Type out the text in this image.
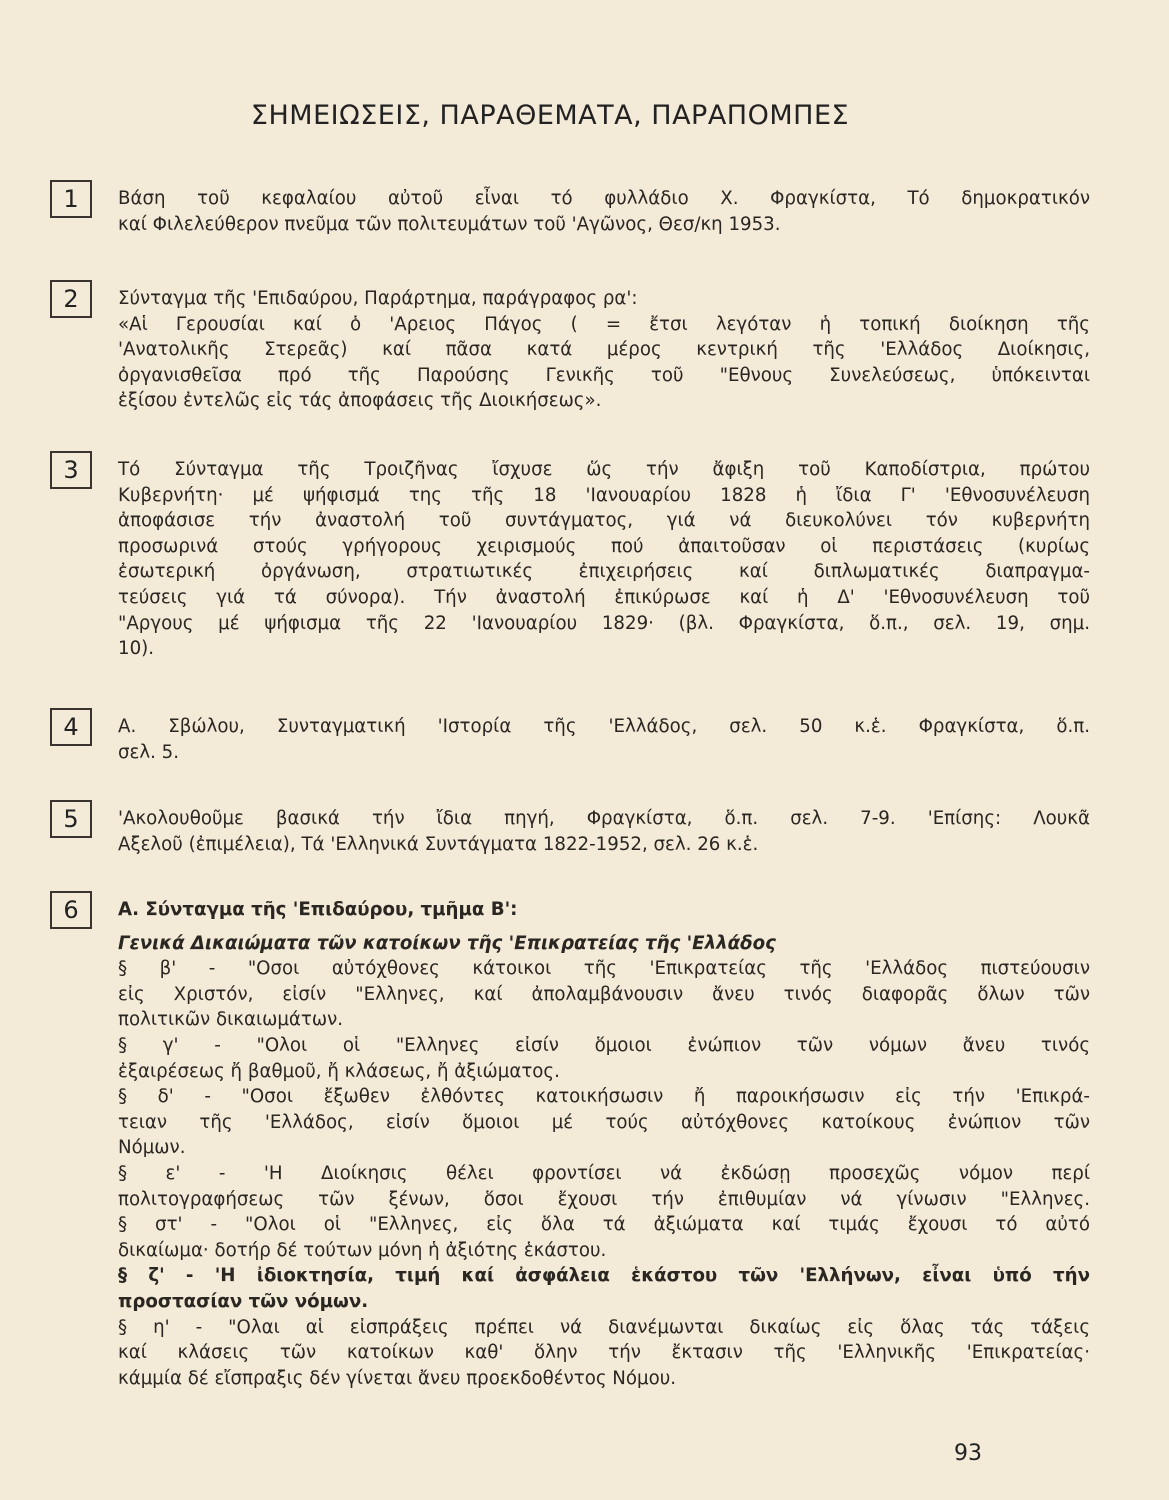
ΣΗΜΕΙΩΣΕΙΣ, ΠΑΡΑΘΕΜΑΤΑ, ΠΑΡΑΠΟΜΠΕΣ
1	Βάση τοῦ κεφαλαίου αὐτοῦ εἶναι τό φυλλάδιο Χ. Φραγκίστα, Τό δημοκρατικόν
καί Φιλελεύθερον πνεῦμα τῶν πολιτευμάτων τοῦ 'Αγῶνος, Θεσ/κη 1953.
2	Σύνταγμα τῆς 'Επιδαύρου, Παράρτημα, παράγραφος ρα':
«Αἱ Γερουσίαι καί ὁ 'Αρειος Πάγος ( = ἔτσι λεγόταν ἡ τοπική διοίκηση τῆς
'Ανατολικῆς Στερεᾶς) καί πᾶσα κατά μέρος κεντρική τῆς 'Ελλάδος Διοίκησις,
ὀργανισθεῖσα πρό τῆς Παρούσης Γενικῆς τοῦ "Εθνους Συνελεύσεως, ὑπόκεινται
ἐξίσου ἐντελῶς εἰς τάς ἀποφάσεις τῆς Διοικήσεως».
3	Τό Σύνταγμα τῆς Τροιζῆνας ἴσχυσε ὥς τήν ἄφιξη τοῦ Καποδίστρια, πρώτου
Κυβερνήτη· μέ ψήφισμά της τῆς 18 'Ιανουαρίου 1828 ἡ ἴδια Γ' 'Εθνοσυνέλευση
ἀποφάσισε τήν ἀναστολή τοῦ συντάγματος, γιά νά διευκολύνει τόν κυβερνήτη
προσωρινά στούς γρήγορους χειρισμούς πού ἀπαιτοῦσαν οἱ περιστάσεις (κυρίως
ἐσωτερική ὀργάνωση, στρατιωτικές ἐπιχειρήσεις καί διπλωματικές διαπραγμα-
τεύσεις γιά τά σύνορα). Τήν ἀναστολή ἐπικύρωσε καί ἡ Δ' 'Εθνοσυνέλευση τοῦ
"Αργους μέ ψήφισμα τῆς 22 'Ιανουαρίου 1829· (βλ. Φραγκίστα, ὅ.π., σελ. 19, σημ.
10).
4	Α. Σβώλου, Συνταγματική 'Ιστορία τῆς 'Ελλάδος, σελ. 50 κ.ἑ. Φραγκίστα, ὅ.π.
σελ. 5.
5	'Ακολουθοῦμε βασικά τήν ἴδια πηγή, Φραγκίστα, ὅ.π. σελ. 7-9. 'Επίσης: Λουκᾶ
Αξελοῦ (ἐπιμέλεια), Τά 'Ελληνικά Συντάγματα 1822-1952, σελ. 26 κ.ἑ.
6	Α. Σύνταγμα τῆς 'Επιδαύρου, τμῆμα Β':
Γενικά Δικαιώματα τῶν κατοίκων τῆς 'Επικρατείας τῆς 'Ελλάδος
§ β' - "Οσοι αὐτόχθονες κάτοικοι τῆς 'Επικρατείας τῆς 'Ελλάδος πιστεύουσιν
εἰς Χριστόν, εἰσίν "Ελληνες, καί ἀπολαμβάνουσιν ἄνευ τινός διαφορᾶς ὅλων τῶν
πολιτικῶν δικαιωμάτων.
§ γ' - "Ολοι οἱ "Ελληνες εἰσίν ὅμοιοι ἐνώπιον τῶν νόμων ἄνευ τινός
ἐξαιρέσεως ἤ βαθμοῦ, ἤ κλάσεως, ἤ ἀξιώματος.
§ δ' - "Οσοι ἔξωθεν ἐλθόντες κατοικήσωσιν ἤ παροικήσωσιν εἰς τήν 'Επικρά-
τειαν τῆς 'Ελλάδος, εἰσίν ὅμοιοι μέ τούς αὐτόχθονες κατοίκους ἐνώπιον τῶν
Νόμων.
§ ε' - 'Η Διοίκησις θέλει φροντίσει νά ἐκδώσῃ προσεχῶς νόμον περί
πολιτογραφήσεως τῶν ξένων, ὅσοι ἔχουσι τήν ἐπιθυμίαν νά γίνωσιν "Ελληνες.
§ στ' - "Ολοι οἱ "Ελληνες, εἰς ὅλα τά ἀξιώματα καί τιμάς ἔχουσι τό αὐτό
δικαίωμα· δοτήρ δέ τούτων μόνη ἡ ἀξιότης ἑκάστου.
§ ζ' - 'Η ἰδιοκτησία, τιμή καί ἀσφάλεια ἑκάστου τῶν 'Ελλήνων, εἶναι ὑπό τήν
προστασίαν τῶν νόμων.
§ η' - "Ολαι αἱ εἰσπράξεις πρέπει νά διανέμωνται δικαίως εἰς ὅλας τάς τάξεις
καί κλάσεις τῶν κατοίκων καθ' ὅλην τήν ἔκτασιν τῆς 'Ελληνικῆς 'Επικρατείας·
κάμμία δέ εἴσπραξις δέν γίνεται ἄνευ προεκδοθέντος Νόμου.
93
